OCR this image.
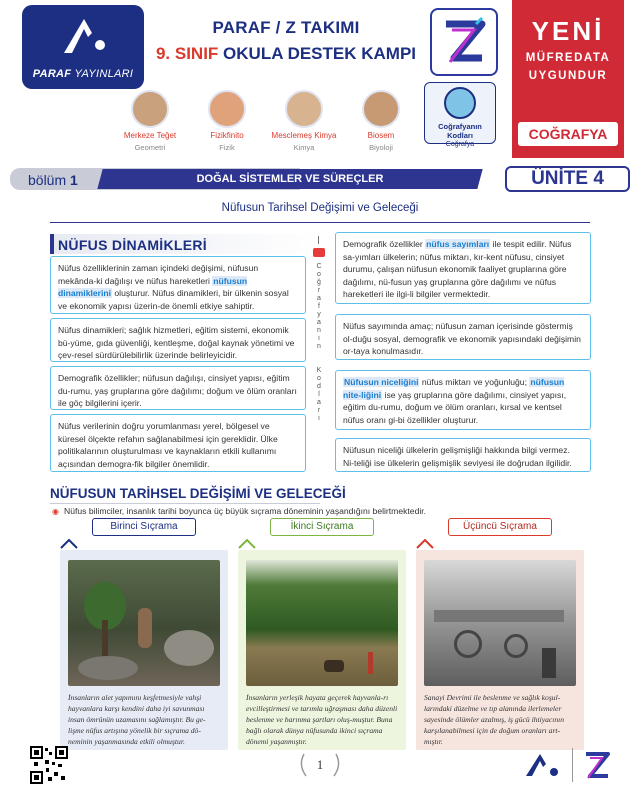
PARAF YAYINLARI
PARAF / Z TAKIMI
9. SINIF OKULA DESTEK KAMPI
YENİ
MÜFREDATA
UYGUNDUR
COĞRAFYA
Merkeze Teğet
Geometri
Fizikfinito
Fizik
Mesclemeş Kimya
Kimya
Biosem
Biyoloji
Coğrafyanın Kodları
Coğrafya
bölüm 1	DOĞAL SİSTEMLER VE SÜREÇLER	ÜNİTE 4
Nüfusun Tarihsel Değişimi ve Geleceği
NÜFUS DİNAMİKLERİ
Nüfus özelliklerinin zaman içindeki değişimi, nüfusun mekânda-ki dağılışı ve nüfus hareketleri nüfusun dinamiklerini oluşturur. Nüfus dinamikleri, bir ülkenin sosyal ve ekonomik yapısı üzerin-de önemli etkiye sahiptir.
Nüfus dinamikleri; sağlık hizmetleri, eğitim sistemi, ekonomik bü-yüme, gıda güvenliği, kentleşme, doğal kaynak yönetimi ve çev-resel sürdürülebilirlik üzerinde belirleyicidir.
Demografik özellikler; nüfusun dağılışı, cinsiyet yapısı, eğitim du-rumu, yaş gruplarına göre dağılımı; doğum ve ölüm oranları ile göç bilgilerini içerir.
Nüfus verilerinin doğru yorumlanması yerel, bölgesel ve küresel ölçekte refahın sağlanabilmesi için gereklidir. Ülke politikalarının oluşturulması ve kaynakların etkili kullanımı açısından demogra-fik bilgiler önemlidir.
C
o
ğ
r
a
f
y
a
n
ı
n

K
o
d
l
a
r
ı
Demografik özellikler nüfus sayımları ile tespit edilir. Nüfus sa-yımları ülkelerin; nüfus miktarı, kır-kent nüfusu, cinsiyet durumu, çalışan nüfusun ekonomik faaliyet gruplarına göre dağılımı, nü-fusun yaş gruplarına göre dağılımı ve nüfus hareketleri ile ilgi-li bilgiler vermektedir.
Nüfus sayımında amaç; nüfusun zaman içerisinde göstermiş ol-duğu sosyal, demografik ve ekonomik yapısındaki değişimin or-taya konulmasıdır.
Nüfusun niceliğini nüfus miktarı ve yoğunluğu; nüfusun nite-liğini ise yaş gruplarına göre dağılımı, cinsiyet yapısı, eğitim du-rumu, doğum ve ölüm oranları, kırsal ve kentsel nüfus oranı gi-bi özellikler oluşturur.
Nüfusun niceliği ülkelerin gelişmişliği hakkında bilgi vermez. Ni-teliği ise ülkelerin gelişmişlik seviyesi ile doğrudan ilgilidir.
NÜFUSUN TARİHSEL DEĞİŞİMİ VE GELECEĞİ
◉ Nüfus bilimciler, insanlık tarihi boyunca üç büyük sıçrama döneminin yaşandığını belirtmektedir.
Birinci Sıçrama
İnsanların alet yapımını keşfetmesiyle vahşi hayvanlara karşı kendini daha iyi savunması insan ömrünün uzamasını sağlamıştır. Bu ge-lişme nüfus artışına yönelik bir sıçrama dö-neminin yaşanmasında etkili olmuştur.
İkinci Sıçrama
İnsanların yerleşik hayata geçerek hayvanla-rı evcilleştirmesi ve tarımla uğraşması daha düzenli beslenme ve barınma şartları oluş-muştur. Buna bağlı olarak dünya nüfusunda ikinci sıçrama dönemi yaşanmıştır.
Üçüncü Sıçrama
Sanayi Devrimi ile beslenme ve sağlık koşul-larındaki düzelme ve tıp alanında ilerlemeler sayesinde ölümler azalmış, iş gücü ihtiyacının karşılanabilmesi için de doğum oranları art-mıştır.
1
